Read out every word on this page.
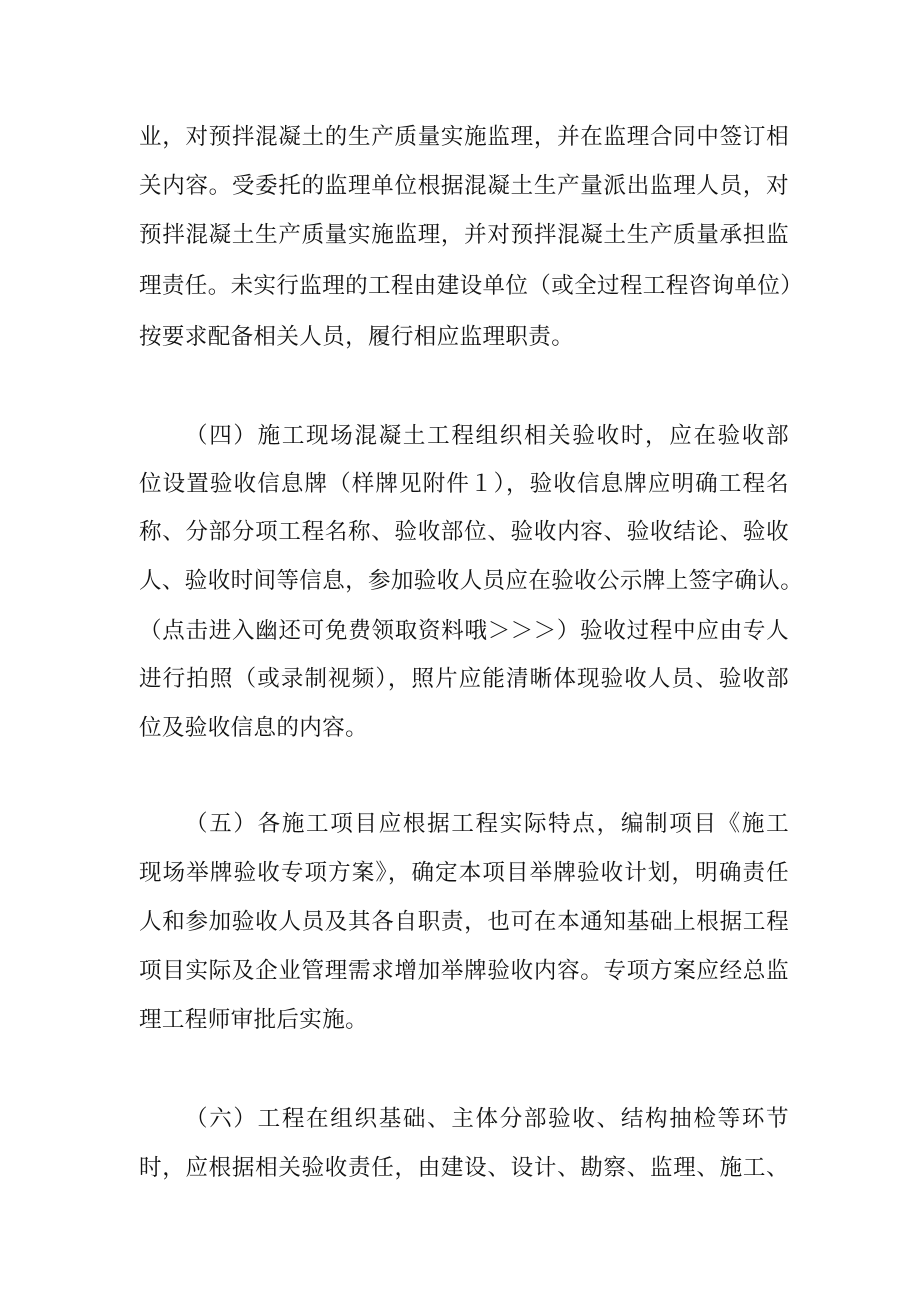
业，对预拌混凝土的生产质量实施监理，并在监理合同中签订相
关内容。受委托的监理单位根据混凝土生产量派出监理人员，对
预拌混凝土生产质量实施监理，并对预拌混凝土生产质量承担监
理责任。未实行监理的工程由建设单位（或全过程工程咨询单位）
按要求配备相关人员，履行相应监理职责。
（四）施工现场混凝土工程组织相关验收时，应在验收部
位设置验收信息牌（样牌见附件１），验收信息牌应明确工程名
称、分部分项工程名称、验收部位、验收内容、验收结论、验收
人、验收时间等信息，参加验收人员应在验收公示牌上签字确认。
（点击进入幽还可免费领取资料哦＞＞＞）验收过程中应由专人
进行拍照（或录制视频），照片应能清晰体现验收人员、验收部
位及验收信息的内容。
（五）各施工项目应根据工程实际特点，编制项目《施工
现场举牌验收专项方案》，确定本项目举牌验收计划，明确责任
人和参加验收人员及其各自职责，也可在本通知基础上根据工程
项目实际及企业管理需求增加举牌验收内容。专项方案应经总监
理工程师审批后实施。
（六）工程在组织基础、主体分部验收、结构抽检等环节
时，应根据相关验收责任，由建设、设计、勘察、监理、施工、
